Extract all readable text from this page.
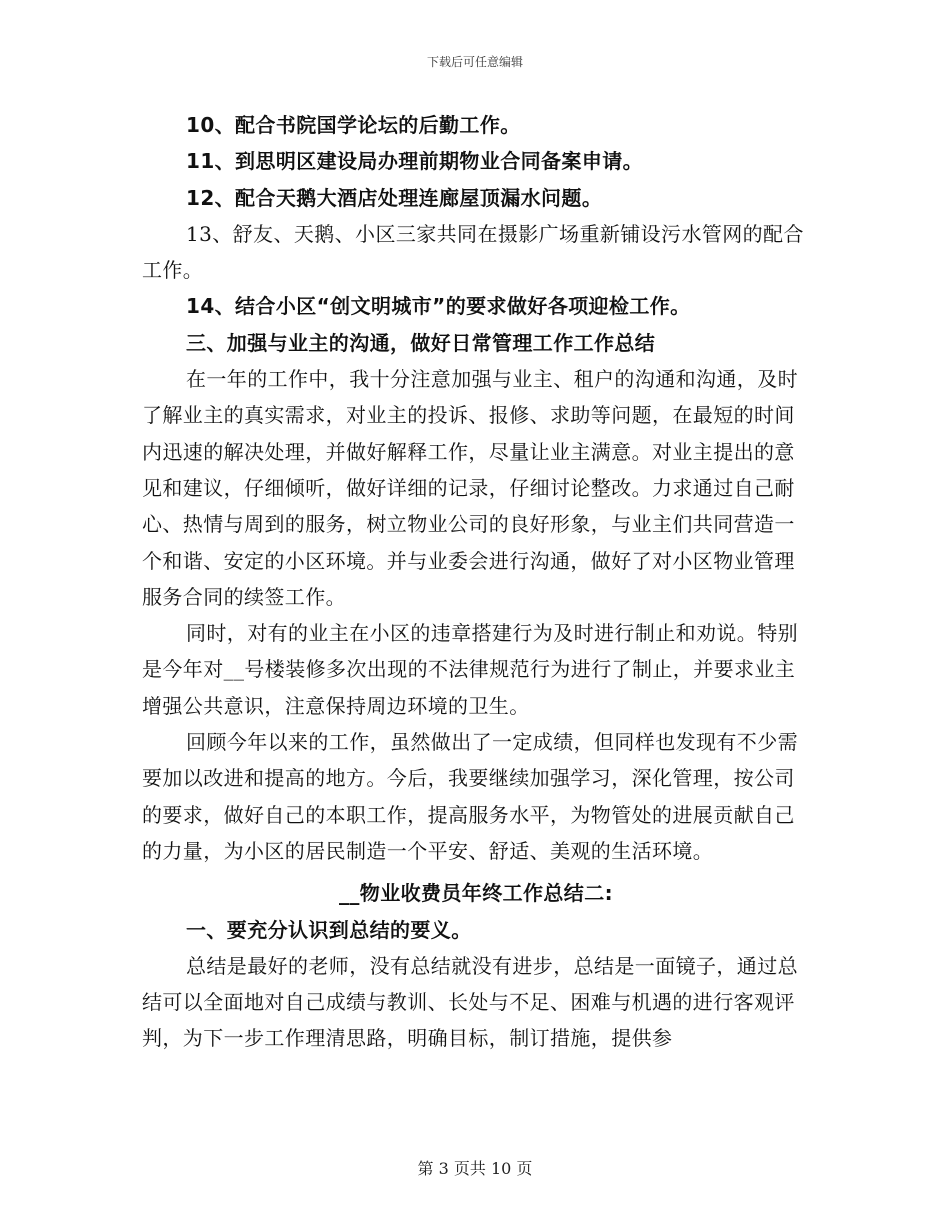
下载后可任意编辑

10、配合书院国学论坛的后勤工作。

11、到思明区建设局办理前期物业合同备案申请。

12、配合天鹅大酒店处理连廊屋顶漏水问题。

13、舒友、天鹅、小区三家共同在摄影广场重新铺设污水管网的配合工作。

14、结合小区“创文明城市”的要求做好各项迎检工作。

三、加强与业主的沟通，做好日常管理工作工作总结

在一年的工作中，我十分注意加强与业主、租户的沟通和沟通，及时了解业主的真实需求，对业主的投诉、报修、求助等问题，在最短的时间内迅速的解决处理，并做好解释工作，尽量让业主满意。对业主提出的意见和建议，仔细倾听，做好详细的记录，仔细讨论整改。力求通过自己耐心、热情与周到的服务，树立物业公司的良好形象，与业主们共同营造一个和谐、安定的小区环境。并与业委会进行沟通，做好了对小区物业管理服务合同的续签工作。

同时，对有的业主在小区的违章搭建行为及时进行制止和劝说。特别是今年对__号楼装修多次出现的不法律规范行为进行了制止，并要求业主增强公共意识，注意保持周边环境的卫生。

回顾今年以来的工作，虽然做出了一定成绩，但同样也发现有不少需要加以改进和提高的地方。今后，我要继续加强学习，深化管理，按公司的要求，做好自己的本职工作，提高服务水平，为物管处的进展贡献自己的力量，为小区的居民制造一个平安、舒适、美观的生活环境。

__物业收费员年终工作总结二:

一、要充分认识到总结的要义。

总结是最好的老师，没有总结就没有进步，总结是一面镜子，通过总结可以全面地对自己成绩与教训、长处与不足、困难与机遇的进行客观评判，为下一步工作理清思路，明确目标，制订措施，提供参

第 3 页共 10 页
